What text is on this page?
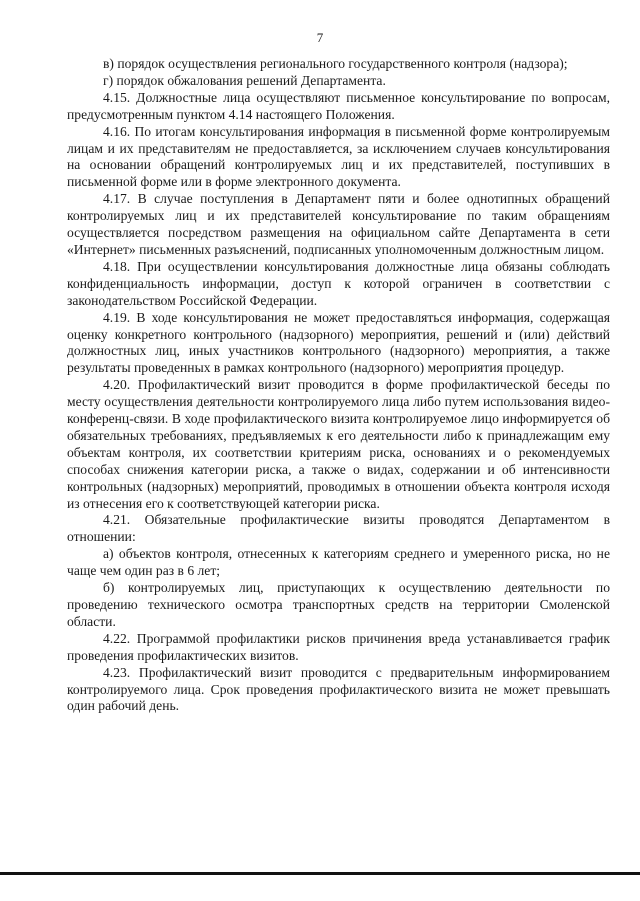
7

в) порядок осуществления регионального государственного контроля (надзора);

г) порядок обжалования решений Департамента.

4.15. Должностные лица осуществляют письменное консультирование по вопросам, предусмотренным пунктом 4.14 настоящего Положения.

4.16. По итогам консультирования информация в письменной форме контролируемым лицам и их представителям не предоставляется, за исключением случаев консультирования на основании обращений контролируемых лиц и их представителей, поступивших в письменной форме или в форме электронного документа.

4.17. В случае поступления в Департамент пяти и более однотипных обращений контролируемых лиц и их представителей консультирование по таким обращениям осуществляется посредством размещения на официальном сайте Департамента в сети «Интернет» письменных разъяснений, подписанных уполномоченным должностным лицом.

4.18. При осуществлении консультирования должностные лица обязаны соблюдать конфиденциальность информации, доступ к которой ограничен в соответствии с законодательством Российской Федерации.

4.19. В ходе консультирования не может предоставляться информация, содержащая оценку конкретного контрольного (надзорного) мероприятия, решений и (или) действий должностных лиц, иных участников контрольного (надзорного) мероприятия, а также результаты проведенных в рамках контрольного (надзорного) мероприятия процедур.

4.20. Профилактический визит проводится в форме профилактической беседы по месту осуществления деятельности контролируемого лица либо путем использования видео-конференц-связи. В ходе профилактического визита контролируемое лицо информируется об обязательных требованиях, предъявляемых к его деятельности либо к принадлежащим ему объектам контроля, их соответствии критериям риска, основаниях и о рекомендуемых способах снижения категории риска, а также о видах, содержании и об интенсивности контрольных (надзорных) мероприятий, проводимых в отношении объекта контроля исходя из отнесения его к соответствующей категории риска.

4.21. Обязательные профилактические визиты проводятся Департаментом в отношении:

а) объектов контроля, отнесенных к категориям среднего и умеренного риска, но не чаще чем один раз в 6 лет;

б) контролируемых лиц, приступающих к осуществлению деятельности по проведению технического осмотра транспортных средств на территории Смоленской области.

4.22. Программой профилактики рисков причинения вреда устанавливается график проведения профилактических визитов.

4.23. Профилактический визит проводится с предварительным информированием контролируемого лица. Срок проведения профилактического визита не может превышать один рабочий день.
